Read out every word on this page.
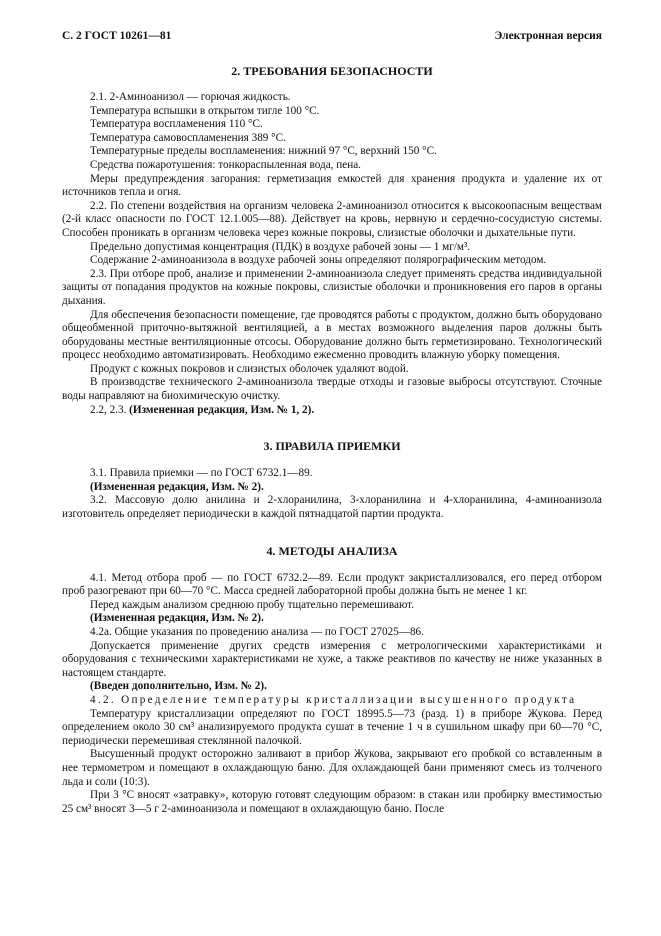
С. 2 ГОСТ 10261—81	Электронная версия
2. ТРЕБОВАНИЯ БЕЗОПАСНОСТИ

2.1. 2-Аминоанизол — горючая жидкость.

Температура вспышки в открытом тигле 100 °С.

Температура воспламенения 110 °С.

Температура самовоспламенения 389 °С.

Температурные пределы воспламенения: нижний 97 °С, верхний 150 °С.

Средства пожаротушения: тонкораспыленная вода, пена.

Меры предупреждения загорания: герметизация емкостей для хранения продукта и удаление их от источников тепла и огня.

2.2. По степени воздействия на организм человека 2-аминоанизол относится к высокоопасным веществам (2-й класс опасности по ГОСТ 12.1.005—88). Действует на кровь, нервную и сердечно-сосудистую системы. Способен проникать в организм человека через кожные покровы, слизистые оболочки и дыхательные пути.

Предельно допустимая концентрация (ПДК) в воздухе рабочей зоны — 1 мг/м³.

Содержание 2-аминоанизола в воздухе рабочей зоны определяют полярографическим методом.

2.3. При отборе проб, анализе и применении 2-аминоанизола следует применять средства индивидуальной защиты от попадания продуктов на кожные покровы, слизистые оболочки и проникновения его паров в органы дыхания.

Для обеспечения безопасности помещение, где проводятся работы с продуктом, должно быть оборудовано общеобменной приточно-вытяжной вентиляцией, а в местах возможного выделения паров должны быть оборудованы местные вентиляционные отсосы. Оборудование должно быть герметизировано. Технологический процесс необходимо автоматизировать. Необходимо ежесменно проводить влажную уборку помещения.

Продукт с кожных покровов и слизистых оболочек удаляют водой.

В производстве технического 2-аминоанизола твердые отходы и газовые выбросы отсутствуют. Сточные воды направляют на биохимическую очистку.

2.2, 2.3. (Измененная редакция, Изм. № 1, 2).

3. ПРАВИЛА ПРИЕМКИ

3.1. Правила приемки — по ГОСТ 6732.1—89.

(Измененная редакция, Изм. № 2).

3.2. Массовую долю анилина и 2-хлоранилина, 3-хлоранилина и 4-хлоранилина, 4-аминоанизола изготовитель определяет периодически в каждой пятнадцатой партии продукта.

4. МЕТОДЫ АНАЛИЗА

4.1. Метод отбора проб — по ГОСТ 6732.2—89. Если продукт закристаллизовался, его перед отбором проб разогревают при 60—70 °С. Масса средней лабораторной пробы должна быть не менее 1 кг.

Перед каждым анализом среднюю пробу тщательно перемешивают.

(Измененная редакция, Изм. № 2).

4.2а. Общие указания по проведению анализа — по ГОСТ 27025—86.

Допускается применение других средств измерения с метрологическими характеристиками и оборудования с техническими характеристиками не хуже, а также реактивов по качеству не ниже указанных в настоящем стандарте.

(Введен дополнительно, Изм. № 2).

4.2. Определение температуры кристаллизации высушенного продукта

Температуру кристаллизации определяют по ГОСТ 18995.5—73 (разд. 1) в приборе Жукова. Перед определением около 30 см³ анализируемого продукта сушат в течение 1 ч в сушильном шкафу при 60—70 °С, периодически перемешивая стеклянной палочкой.

Высушенный продукт осторожно заливают в прибор Жукова, закрывают его пробкой со вставленным в нее термометром и помещают в охлаждающую баню. Для охлаждающей бани применяют смесь из толченого льда и соли (10:3).

При 3 °С вносят «затравку», которую готовят следующим образом: в стакан или пробирку вместимостью 25 см³ вносят 3—5 г 2-аминоанизола и помещают в охлаждающую баню. После
